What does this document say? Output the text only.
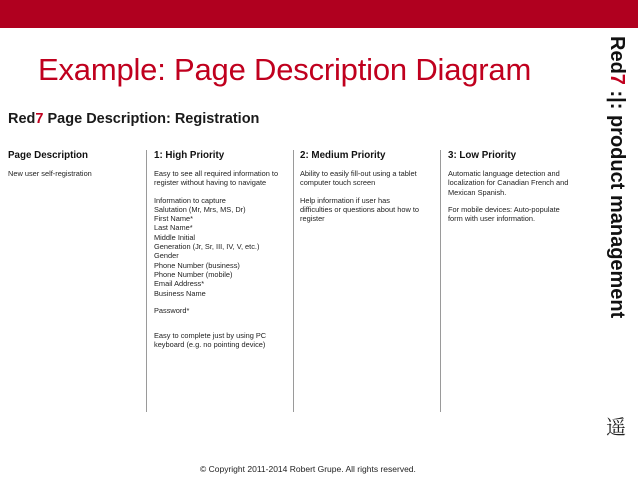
Example: Page Description Diagram	Red7 :|: product management
遥
Red7 Page Description: Registration
Page Description
New user self-registration
1: High Priority
Easy to see all required information to
register without having to navigate
Information to capture
Salutation (Mr, Mrs, MS, Dr)
First Name*
Last Name*
Middle Initial
Generation (Jr, Sr, III, IV, V, etc.)
Gender
Phone Number (business)
Phone Number (mobile)
Email Address*
Business Name
Password*
Easy to complete just by using PC
keyboard (e.g. no pointing device)
2: Medium Priority
Ability to easily fill-out using a tablet
computer touch screen
Help information if user has
difficulties or questions about how to
register
3: Low Priority
Automatic language detection and
localization for Canadian French and
Mexican Spanish.
For mobile devices: Auto-populate
form with user information.
© Copyright 2011-2014 Robert Grupe. All rights reserved.
